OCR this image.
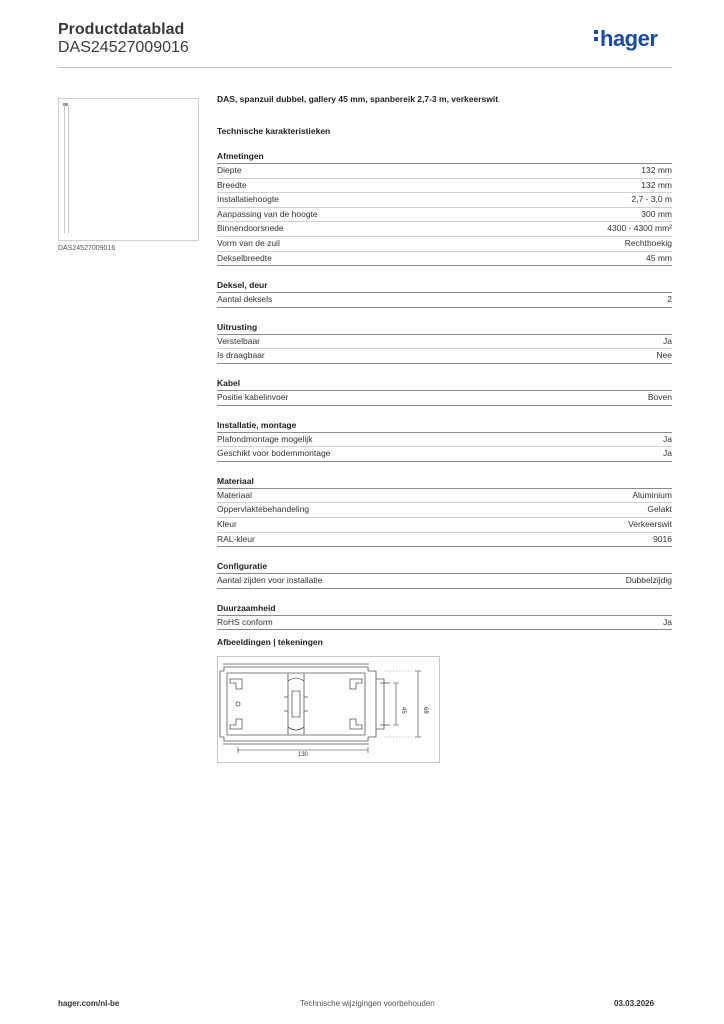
Productdatablad
DAS24527009016	hager
DAS24527009016
DAS, spanzuil dubbel, gallery 45 mm, spanbereik 2,7-3 m, verkeerswit
Technische karakteristieken
Afmetingen
Diepte	132 mm
Breedte	132 mm
Installatiehoogte	2,7 - 3,0 m
Aanpassing van de hoogte	300 mm
Binnendoorsnede	4300 - 4300 mm²
Vorm van de zuil	Rechthoekig
Dekselbreedte	45 mm
Deksel, deur
Aantal deksels	2
Uitrusting
Verstelbaar	Ja
Is draagbaar	Nee
Kabel
Positie kabelinvoer	Boven
Installatie, montage
Plafondmontage mogelijk	Ja
Geschikt voor bodemmontage	Ja
Materiaal
Materiaal	Aluminium
Oppervlaktebehandeling	Gelakt
Kleur	Verkeerswit
RAL-kleur	9016
Configuratie
Aantal zijden voor installatie	Dubbelzijdig
Duurzaamheid
RoHS conform	Ja
Afbeeldingen | tekeningen
130
45	68
hager.com/nl-be	Technische wijzigingen voorbehouden	03.03.2026
